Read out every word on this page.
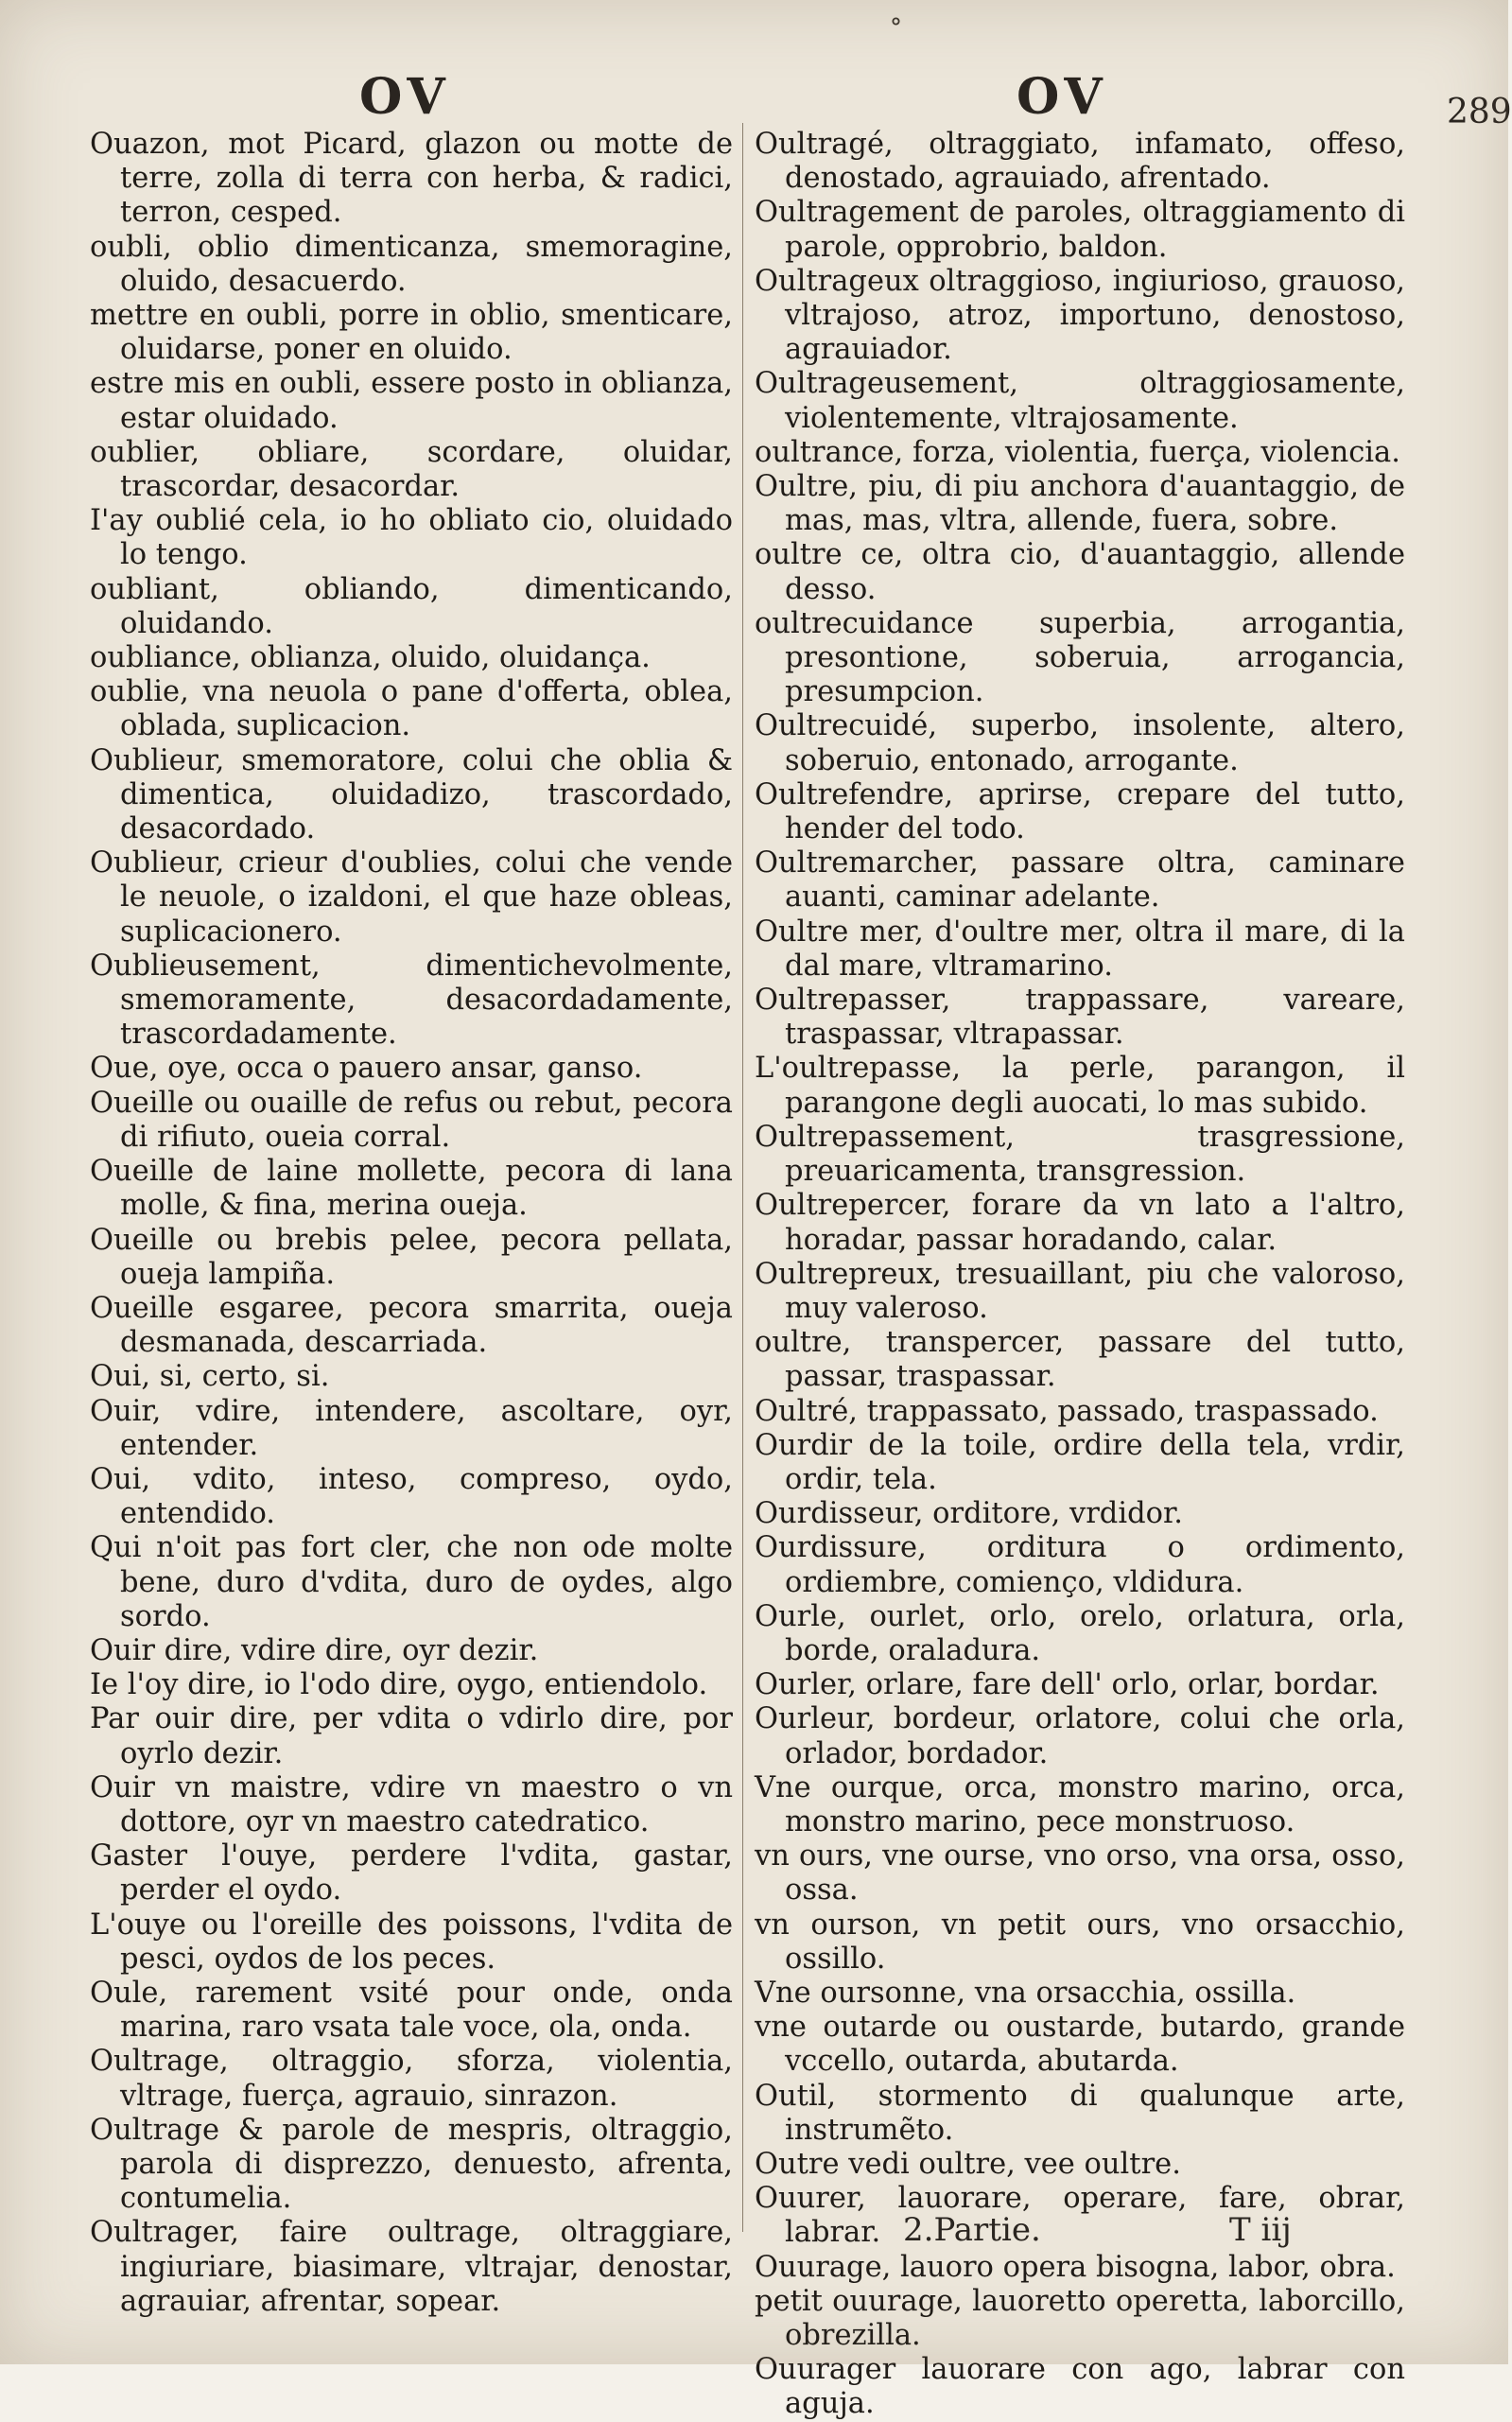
˚
OV	OV	289

Ouazon, mot Picard, glazon ou motte de terre, zolla di terra con herba, & radici, terron, cesped.

oubli, oblio dimenticanza, smemoragine, oluido, desacuerdo.

mettre en oubli, porre in oblio, smenticare, oluidarse, poner en oluido.

estre mis en oubli, essere posto in oblianza, estar oluidado.

oublier, obliare, scordare, oluidar, trascordar, desacordar.

I'ay oublié cela, io ho obliato cio, oluidado lo tengo.

oubliant, obliando, dimenticando, oluidando.

oubliance, oblianza, oluido, oluidança.

oublie, vna neuola o pane d'offerta, oblea, oblada, suplicacion.

Oublieur, smemoratore, colui che oblia & dimentica, oluidadizo, trascordado, desacordado.

Oublieur, crieur d'oublies, colui che vende le neuole, o izaldoni, el que haze obleas, suplicacionero.

Oublieusement, dimentichevolmente, smemoramente, desacordadamente, trascordadamente.

Oue, oye, occa o pauero ansar, ganso.

Oueille ou ouaille de refus ou rebut, pecora di rifiuto, oueia corral.

Oueille de laine mollette, pecora di lana molle, & fina, merina oueja.

Oueille ou brebis pelee, pecora pellata, oueja lampiña.

Oueille esgaree, pecora smarrita, oueja desmanada, descarriada.

Oui, si, certo, si.

Ouir, vdire, intendere, ascoltare, oyr, entender.

Oui, vdito, inteso, compreso, oydo, entendido.

Qui n'oit pas fort cler, che non ode molte bene, duro d'vdita, duro de oydes, algo sordo.

Ouir dire, vdire dire, oyr dezir.

Ie l'oy dire, io l'odo dire, oygo, entiendolo.

Par ouir dire, per vdita o vdirlo dire, por oyrlo dezir.

Ouir vn maistre, vdire vn maestro o vn dottore, oyr vn maestro catedratico.

Gaster l'ouye, perdere l'vdita, gastar, perder el oydo.

L'ouye ou l'oreille des poissons, l'vdita de pesci, oydos de los peces.

Oule, rarement vsité pour onde, onda marina, raro vsata tale voce, ola, onda.

Oultrage, oltraggio, sforza, violentia, vltrage, fuerça, agrauio, sinrazon.

Oultrage & parole de mespris, oltraggio, parola di disprezzo, denuesto, afrenta, contumelia.

Oultrager, faire oultrage, oltraggiare, ingiuriare, biasimare, vltrajar, denostar, agrauiar, afrentar, sopear.

Oultragé, oltraggiato, infamato, offeso, denostado, agrauiado, afrentado.

Oultragement de paroles, oltraggiamento di parole, opprobrio, baldon.

Oultrageux oltraggioso, ingiurioso, grauoso, vltrajoso, atroz, importuno, denostoso, agrauiador.

Oultrageusement, oltraggiosamente, violentemente, vltrajosamente.

oultrance, forza, violentia, fuerça, violencia.

Oultre, piu, di piu anchora d'auantaggio, de mas, mas, vltra, allende, fuera, sobre.

oultre ce, oltra cio, d'auantaggio, allende desso.

oultrecuidance superbia, arrogantia, presontione, soberuia, arrogancia, presumpcion.

Oultrecuidé, superbo, insolente, altero, soberuio, entonado, arrogante.

Oultrefendre, aprirse, crepare del tutto, hender del todo.

Oultremarcher, passare oltra, caminare auanti, caminar adelante.

Oultre mer, d'oultre mer, oltra il mare, di la dal mare, vltramarino.

Oultrepasser, trappassare, vareare, traspassar, vltrapassar.

L'oultrepasse, la perle, parangon, il parangone degli auocati, lo mas subido.

Oultrepassement, trasgressione, preuaricamenta, transgression.

Oultrepercer, forare da vn lato a l'altro, horadar, passar horadando, calar.

Oultrepreux, tresuaillant, piu che valoroso, muy valeroso.

oultre, transpercer, passare del tutto, passar, traspassar.

Oultré, trappassato, passado, traspassado.

Ourdir de la toile, ordire della tela, vrdir, ordir, tela.

Ourdisseur, orditore, vrdidor.

Ourdissure, orditura o ordimento, ordiembre, comienço, vldidura.

Ourle, ourlet, orlo, orelo, orlatura, orla, borde, oraladura.

Ourler, orlare, fare dell' orlo, orlar, bordar.

Ourleur, bordeur, orlatore, colui che orla, orlador, bordador.

Vne ourque, orca, monstro marino, orca, monstro marino, pece monstruoso.

vn ours, vne ourse, vno orso, vna orsa, osso, ossa.

vn ourson, vn petit ours, vno orsacchio, ossillo.

Vne oursonne, vna orsacchia, ossilla.

vne outarde ou oustarde, butardo, grande vccello, outarda, abutarda.

Outil, stormento di qualunque arte, instrumẽto.

Outre vedi oultre, vee oultre.

Ouurer, lauorare, operare, fare, obrar, labrar.

Ouurage, lauoro opera bisogna, labor, obra.

petit ouurage, lauoretto operetta, laborcillo, obrezilla.

Ouurager lauorare con ago, labrar con aguja.

2.Partie.	T iij
